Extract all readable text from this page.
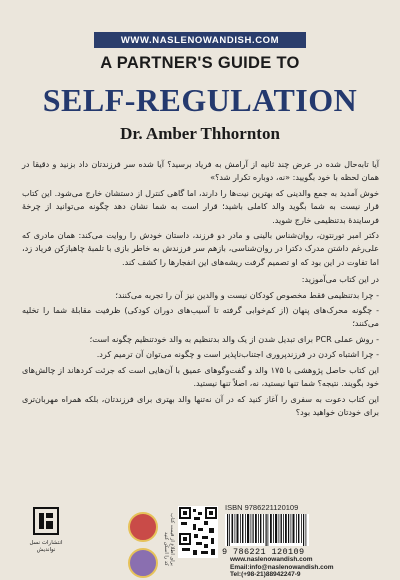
WWW.NASLENOWANDISH.COM
A PARTNER'S GUIDE TO
SELF-REGULATION
Dr. Amber Thhornton

آیا تابه‌حال شده در عرض چند ثانیه از آرامش به فریاد برسید؟ آیا شده سر فرزندتان داد بزنید و دقیقا در همان لحظه با خود بگویید: «نه، دوباره تکرار شد؟»

خوش آمدید به جمع والدینی که بهترین نیت‌ها را دارند، اما گاهی کنترل از دستشان خارج می‌شود. این کتاب قرار نیست به شما بگوید والد کاملی باشید؛ قرار است به شما نشان دهد چگونه می‌توانید از چرخهٔ فرسایندهٔ بدتنظیمی خارج شوید.

دکتر امبر تورنتون، روان‌شناس بالینی و مادر دو فرزند، داستان خودش را روایت می‌کند: همان مادری که علی‌رغم داشتن مدرک دکترا در روان‌شناسی، بازهم سر فرزندش به خاطر بازی با تلمبهٔ چاهبازکن فریاد زد، اما تفاوت در این بود که او تصمیم گرفت ریشه‌های این انفجارها را کشف کند.

در این کتاب می‌آموزید:

- چرا بدتنظیمی فقط مخصوص کودکان نیست و والدین نیز آن را تجربه می‌کنند؛

- چگونه محرک‌های پنهان (از کم‌خوابی گرفته تا آسیب‌های دوران کودکی) ظرفیت مقابلهٔ شما را تخلیه می‌کنند؛

- روش عملی PCR برای تبدیل شدن از یک والد بدتنظیم به والد خودتنظیم چگونه است؛

- چرا اشتباه کردن در فرزندپروری اجتناب‌ناپذیر است و چگونه می‌توان آن ترمیم کرد.

این کتاب حاصل پژوهشی با ۱۷۵ والد و گفت‌وگوهای عمیق با آن‌هایی است که جرئت کردهاند از چالش‌های خود بگویند. نتیجه؟ شما تنها نیستید، نه، اصلاً تنها نیستید.

این کتاب دعوت به سفری را آغاز کنید که در آن نه‌تنها والد بهتری برای فرزندتان، بلکه همراه مهربان‌تری برای خودتان خواهید بود؟

انتشارات نسل نواندیش	برای اطلاع از قیمت کتاب کد را اسکن کنید
ISBN 9786221120109
9 786221 120109
www.naslenowandish.com
Email:info@naslenowandish.com
Tel:(+98-21)88942247-9
